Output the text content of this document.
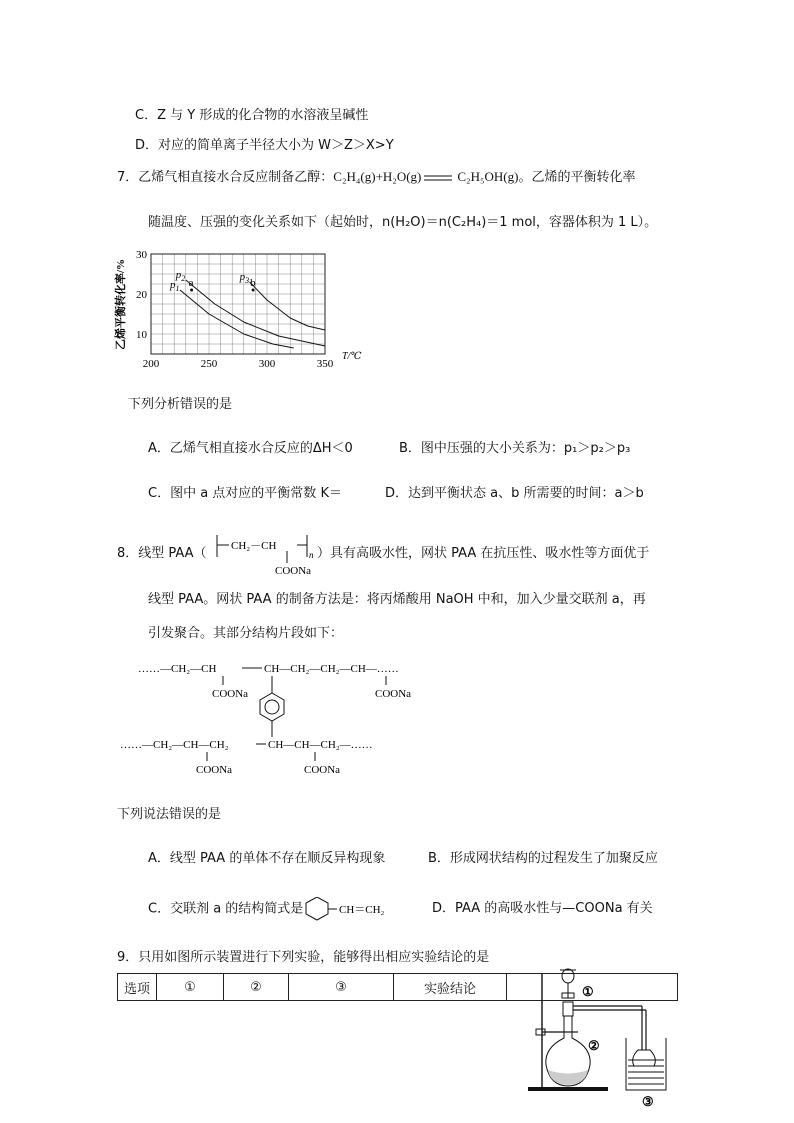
C．Z 与 Y 形成的化合物的水溶液呈碱性
D．对应的简单离子半径大小为 W＞Z＞X>Y
7．乙烯气相直接水合反应制备乙醇：C₂H₄(g)+H₂O(g)	C₂H₅OH(g)。乙烯的平衡转化率
随温度、压强的变化关系如下（起始时，n(H₂O)＝n(C₂H₄)＝1 mol，容器体积为 1 L）。
200	250	300	350
10
20
30
乙烯平衡转化率/%
T/℃
$p_1$
$p_2$	$p_3$
a	b
下列分析错误的是
A．乙烯气相直接水合反应的ΔH＜0	B．图中压强的大小关系为：p₁＞p₂＞p₃
C．图中 a 点对应的平衡常数 K＝	D．达到平衡状态 a、b 所需要的时间：a＞b
8．线型 PAA（ CH₂－CH
n
COONa
）具有高吸水性，网状 PAA 在抗压性、吸水性等方面优于
线型 PAA。网状 PAA 的制备方法是：将丙烯酸用 NaOH 中和，加入少量交联剂 a，再
引发聚合。其部分结构片段如下：
……—CH₂—CH	CH—CH₂—CH₂—CH—……
COONa	COONa
……—CH₂—CH—CH₂	CH—CH—CH₂—……
COONa	COONa
下列说法错误的是
A．线型 PAA 的单体不存在顺反异构现象	B．形成网状结构的过程发生了加聚反应
C．交联剂 a 的结构简式是	CH＝CH₂	D．PAA 的高吸水性与—COONa 有关
9．只用如图所示装置进行下列实验，能够得出相应实验结论的是
选项	①	②	③	实验结论		①
②
③
